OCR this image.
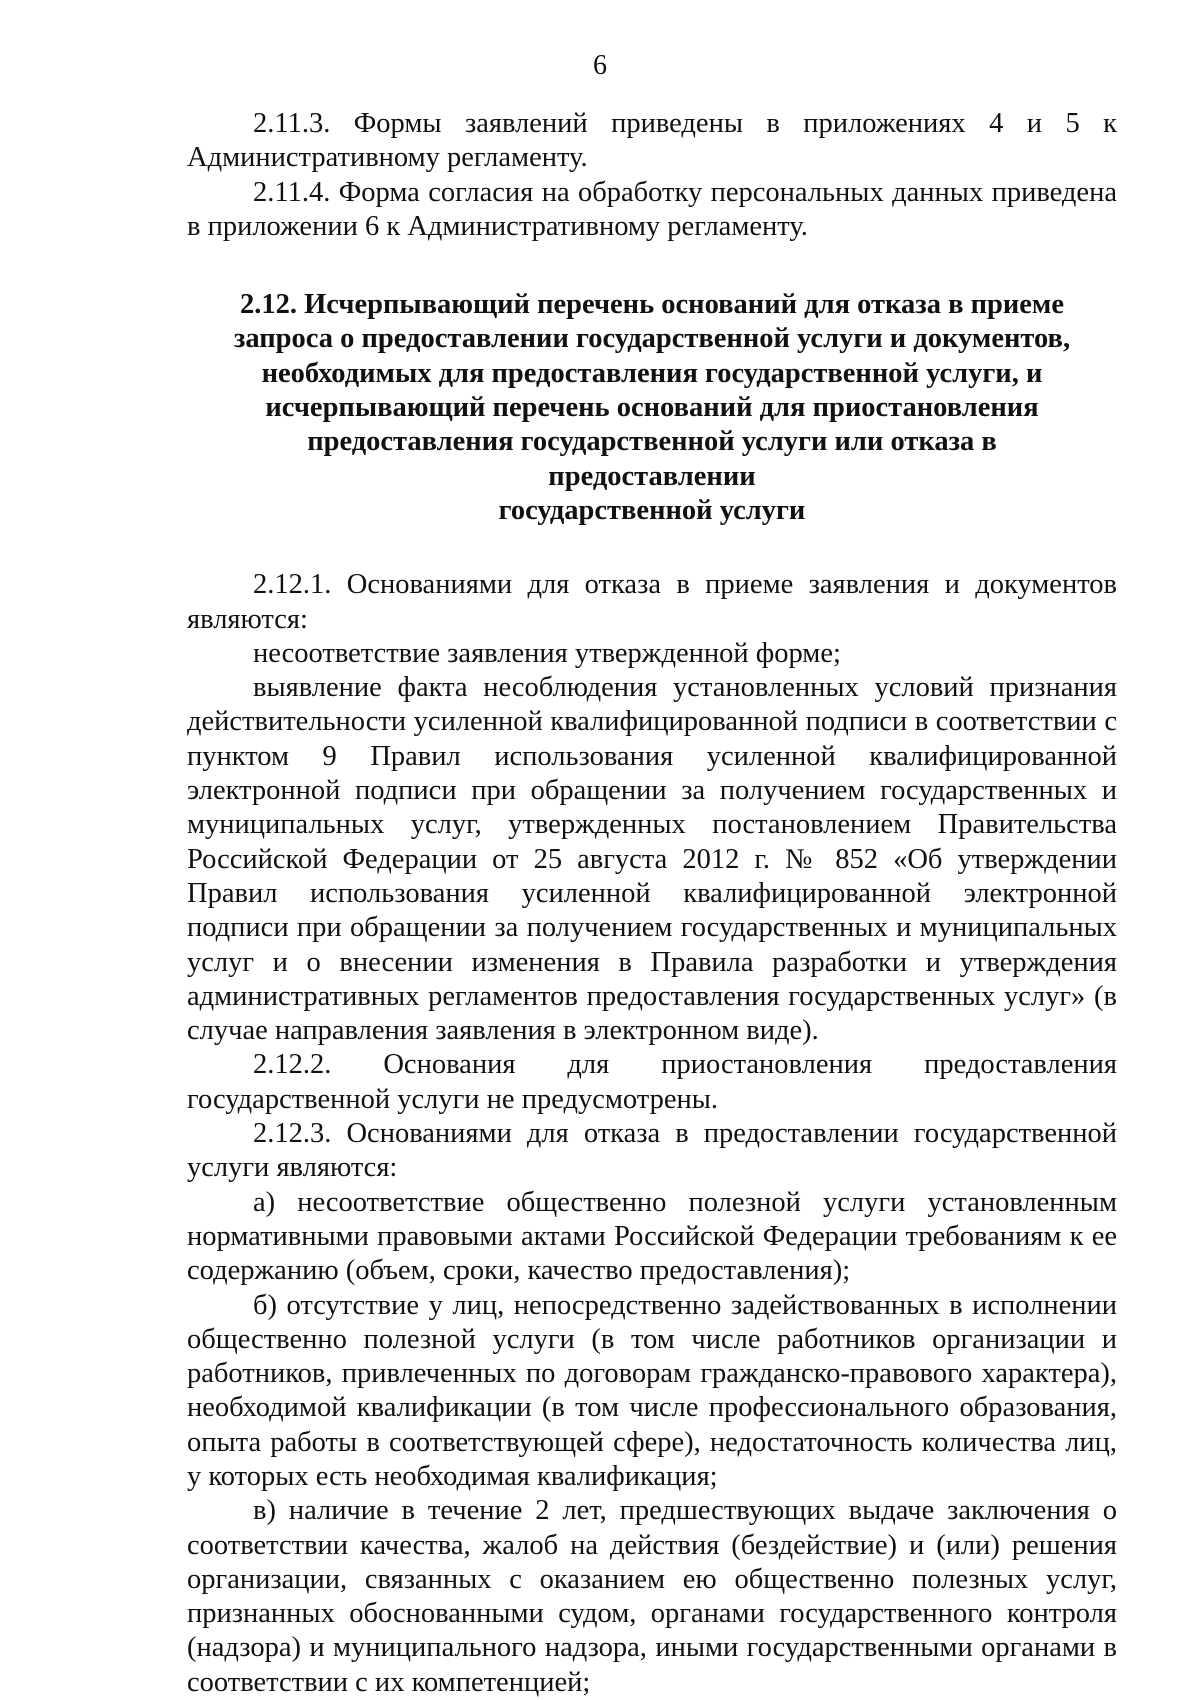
6

2.11.3. Формы заявлений приведены в приложениях 4 и 5 к Административному регламенту.

2.11.4. Форма согласия на обработку персональных данных приведена в приложении 6 к Административному регламенту.

2.12. Исчерпывающий перечень оснований для отказа в приеме
запроса о предоставлении государственной услуги и документов,
необходимых для предоставления государственной услуги, и
исчерпывающий перечень оснований для приостановления
предоставления государственной услуги или отказа в предоставлении
государственной услуги

2.12.1. Основаниями для отказа в приеме заявления и документов являются:

несоответствие заявления утвержденной форме;

выявление факта несоблюдения установленных условий признания действительности усиленной квалифицированной подписи в соответствии с пунктом 9 Правил использования усиленной квалифицированной электронной подписи при обращении за получением государственных и муниципальных услуг, утвержденных постановлением Правительства Российской Федерации от 25 августа 2012 г. № 852 «Об утверждении Правил использования усиленной квалифицированной электронной подписи при обращении за получением государственных и муниципальных услуг и о внесении изменения в Правила разработки и утверждения административных регламентов предоставления государственных услуг» (в случае направления заявления в электронном виде).

2.12.2. Основания для приостановления предоставления государственной услуги не предусмотрены.

2.12.3. Основаниями для отказа в предоставлении государственной услуги являются:

а) несоответствие общественно полезной услуги установленным нормативными правовыми актами Российской Федерации требованиям к ее содержанию (объем, сроки, качество предоставления);

б) отсутствие у лиц, непосредственно задействованных в исполнении общественно полезной услуги (в том числе работников организации и работников, привлеченных по договорам гражданско-правового характера), необходимой квалификации (в том числе профессионального образования, опыта работы в соответствующей сфере), недостаточность количества лиц, у которых есть необходимая квалификация;

в) наличие в течение 2 лет, предшествующих выдаче заключения о соответствии качества, жалоб на действия (бездействие) и (или) решения организации, связанных с оказанием ею общественно полезных услуг, признанных обоснованными судом, органами государственного контроля (надзора) и муниципального надзора, иными государственными органами в соответствии с их компетенцией;
